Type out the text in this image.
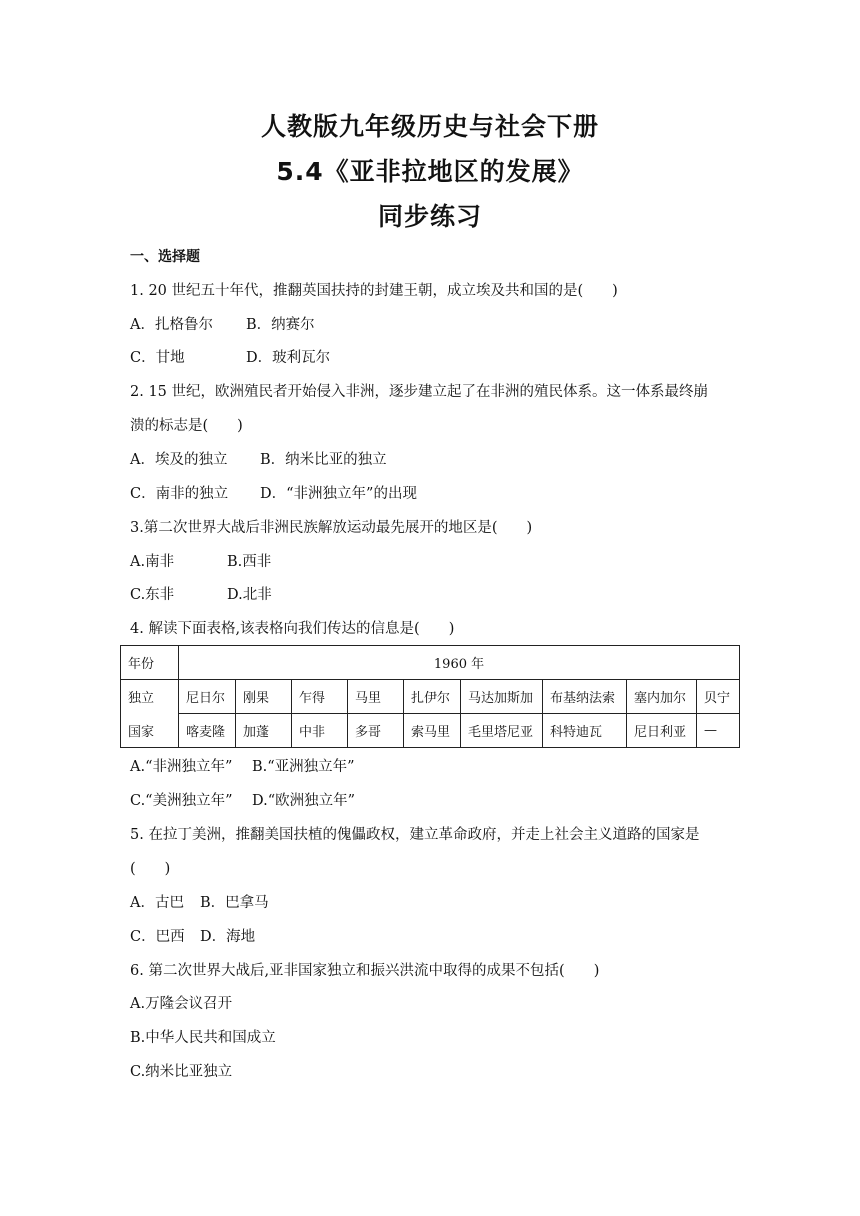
人教版九年级历史与社会下册
5.4《亚非拉地区的发展》
同步练习
一、选择题
1. 20 世纪五十年代，推翻英国扶持的封建王朝，成立埃及共和国的是(　　)
A．扎格鲁尔 B．纳赛尔
C．甘地	D．玻利瓦尔
2. 15 世纪，欧洲殖民者开始侵入非洲，逐步建立起了在非洲的殖民体系。这一体系最终崩
溃的标志是(　　)
A．埃及的独立 B．纳米比亚的独立
C．南非的独立 D．“非洲独立年”的出现
3.第二次世界大战后非洲民族解放运动最先展开的地区是(　　)
A.南非	B.西非
C.东非	D.北非
4. 解读下面表格,该表格向我们传达的信息是(　　)
年份	1960 年								
独立	尼日尔	刚果	乍得	马里	扎伊尔	马达加斯加	布基纳法索	塞内加尔	贝宁
国家	喀麦隆	加蓬	中非	多哥	索马里	毛里塔尼亚	科特迪瓦	尼日利亚	—
A.“非洲独立年” B.“亚洲独立年”
C.“美洲独立年” D.“欧洲独立年”
5. 在拉丁美洲，推翻美国扶植的傀儡政权，建立革命政府，并走上社会主义道路的国家是
(　　)
A．古巴 B．巴拿马
C．巴西 D．海地
6. 第二次世界大战后,亚非国家独立和振兴洪流中取得的成果不包括(　　)
A.万隆会议召开
B.中华人民共和国成立
C.纳米比亚独立
